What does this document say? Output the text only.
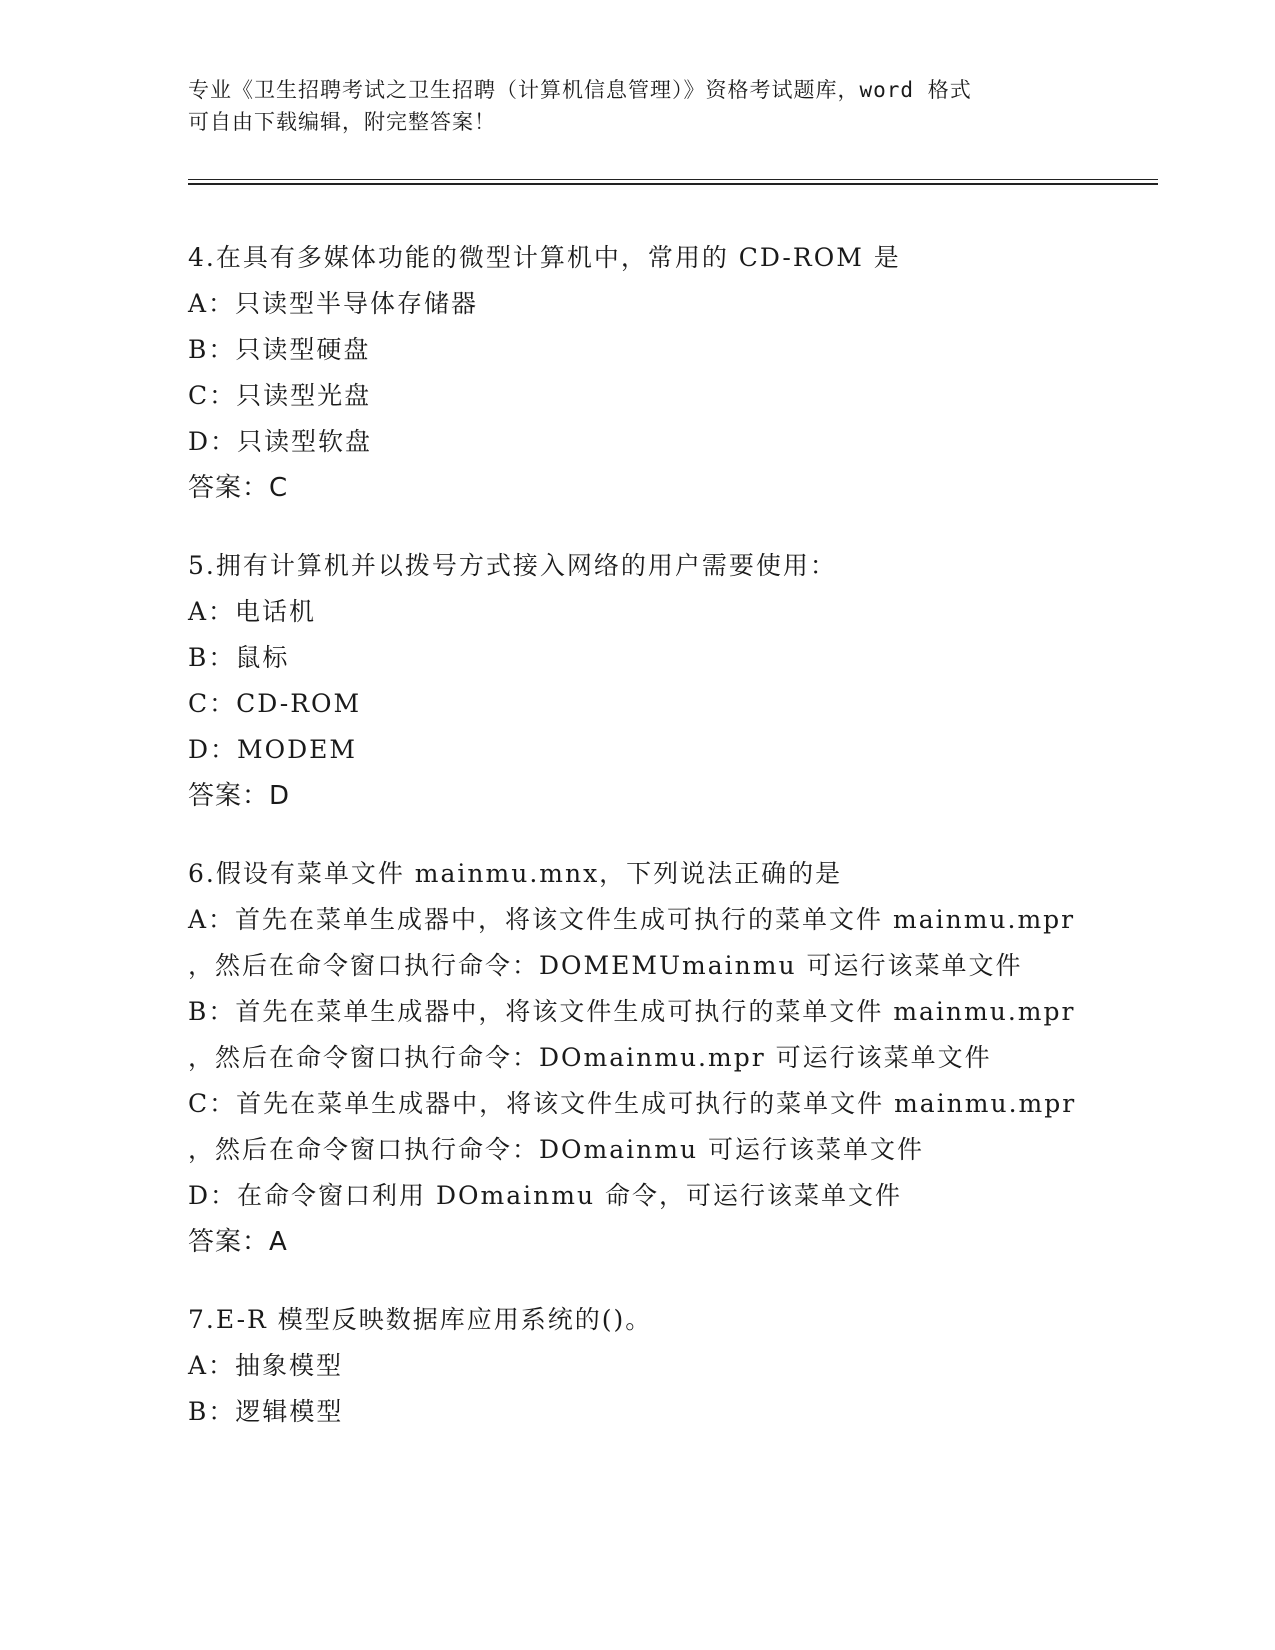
专业《卫生招聘考试之卫生招聘（计算机信息管理）》资格考试题库，word 格式
可自由下载编辑，附完整答案！
4.在具有多媒体功能的微型计算机中，常用的 CD-ROM 是
A：只读型半导体存储器
B：只读型硬盘
C：只读型光盘
D：只读型软盘
答案：C
5.拥有计算机并以拨号方式接入网络的用户需要使用：
A：电话机
B：鼠标
C：CD-ROM
D：MODEM
答案：D
6.假设有菜单文件 mainmu.mnx，下列说法正确的是
A：首先在菜单生成器中，将该文件生成可执行的菜单文件 mainmu.mpr
，然后在命令窗口执行命令：DOMEMUmainmu 可运行该菜单文件
B：首先在菜单生成器中，将该文件生成可执行的菜单文件 mainmu.mpr
，然后在命令窗口执行命令：DOmainmu.mpr 可运行该菜单文件
C：首先在菜单生成器中，将该文件生成可执行的菜单文件 mainmu.mpr
，然后在命令窗口执行命令：DOmainmu 可运行该菜单文件
D：在命令窗口利用 DOmainmu 命令，可运行该菜单文件
答案：A
7.E-R 模型反映数据库应用系统的()。
A：抽象模型
B：逻辑模型
